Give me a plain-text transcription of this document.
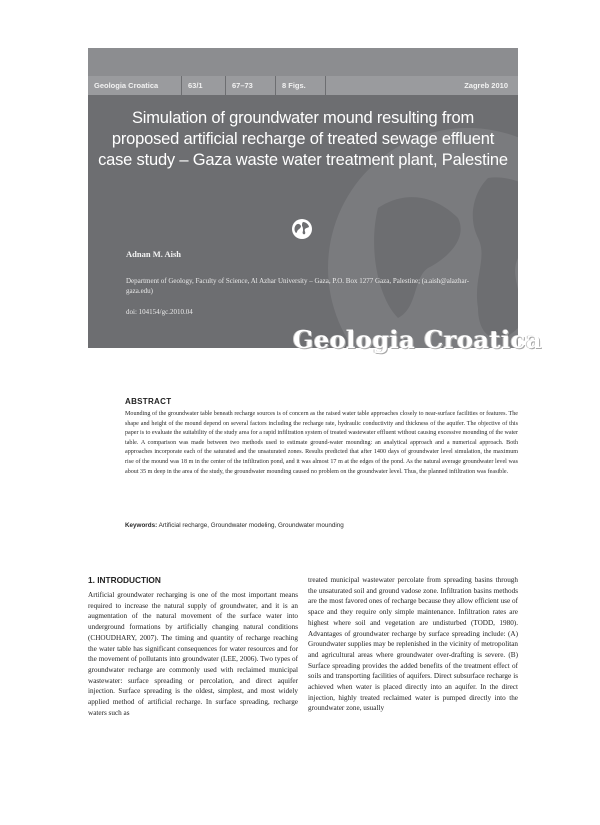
Geologia Croatica	63/1	67–73	8 Figs.	Zagreb 2010
Simulation of groundwater mound resulting from proposed artificial recharge of treated sewage effluent case study – Gaza waste water treatment plant, Palestine
Adnan M. Aish
Department of Geology, Faculty of Science, Al Azhar University – Gaza, P.O. Box 1277 Gaza, Palestine; (a.aish@alazhar-gaza.edu)
doi: 104154/gc.2010.04
Geologia Croatica
ABSTRACT

Mounding of the groundwater table beneath recharge sources is of concern as the raised water table approaches closely to near-surface facilities or features. The shape and height of the mound depend on several factors including the recharge rate, hydraulic conductivity and thickness of the aquifer. The objective of this paper is to evaluate the suitability of the study area for a rapid infiltration system of treated wastewater effluent without causing excessive mounding of the water table. A comparison was made between two methods used to estimate ground-water mounding: an analytical approach and a numerical approach. Both approaches incorporate each of the saturated and the unsaturated zones. Results predicted that after 1400 days of groundwater level simulation, the maximum rise of the mound was 18 m in the center of the infiltration pond, and it was almost 17 m at the edges of the pond. As the natural average groundwater level was about 35 m deep in the area of the study, the groundwater mounding caused no problem on the groundwater level. Thus, the planned infiltration was feasible.

Keywords: Artificial recharge, Groundwater modeling, Groundwater mounding
1. INTRODUCTION

Artificial groundwater recharging is one of the most important means required to increase the natural supply of groundwater, and it is an augmentation of the natural movement of the surface water into underground formations by artificially changing natural conditions (CHOUDHARY, 2007). The timing and quantity of recharge reaching the water table has significant consequences for water resources and for the movement of pollutants into groundwater (LEE, 2006). Two types of groundwater recharge are commonly used with reclaimed municipal wastewater: surface spreading or percolation, and direct aquifer injection. Surface spreading is the oldest, simplest, and most widely applied method of artificial recharge. In surface spreading, recharge waters such as

treated municipal wastewater percolate from spreading basins through the unsaturated soil and ground vadose zone. Infiltration basins methods are the most favored ones of recharge because they allow efficient use of space and they require only simple maintenance. Infiltration rates are highest where soil and vegetation are undisturbed (TODD, 1980). Advantages of groundwater recharge by surface spreading include: (A) Groundwater supplies may be replenished in the vicinity of metropolitan and agricultural areas where groundwater over-drafting is severe. (B) Surface spreading provides the added benefits of the treatment effect of soils and transporting facilities of aquifers. Direct subsurface recharge is achieved when water is placed directly into an aquifer. In the direct injection, highly treated reclaimed water is pumped directly into the groundwater zone, usually
